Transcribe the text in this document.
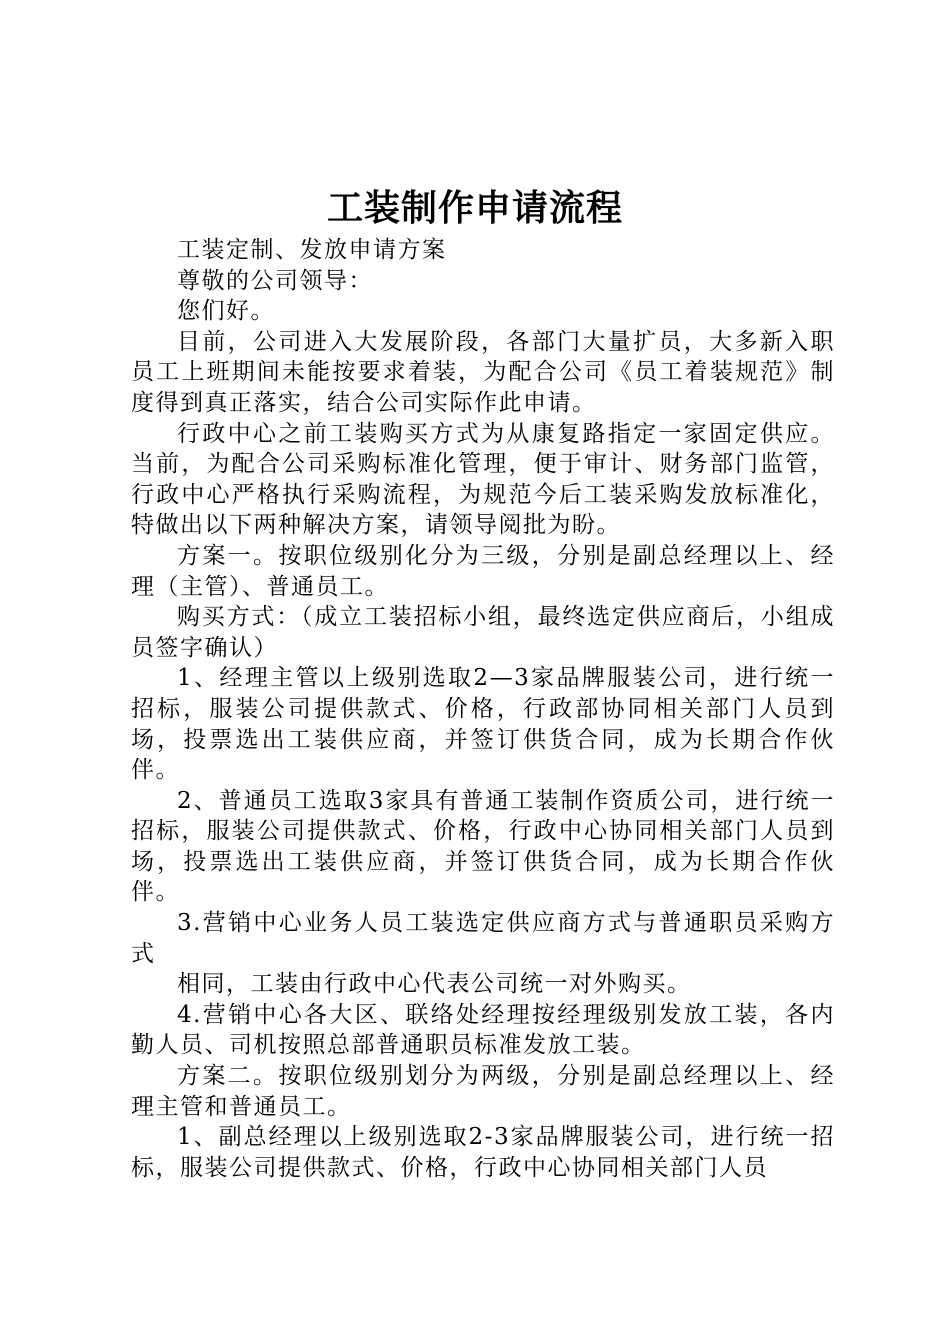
工装制作申请流程

工装定制、发放申请方案

尊敬的公司领导：

您们好。

目前，公司进入大发展阶段，各部门大量扩员，大多新入职员工上班期间未能按要求着装，为配合公司《员工着装规范》制度得到真正落实，结合公司实际作此申请。

行政中心之前工装购买方式为从康复路指定一家固定供应。当前，为配合公司采购标准化管理，便于审计、财务部门监管，行政中心严格执行采购流程，为规范今后工装采购发放标准化，特做出以下两种解决方案，请领导阅批为盼。

方案一。按职位级别化分为三级，分别是副总经理以上、经理（主管）、普通员工。

购买方式：（成立工装招标小组，最终选定供应商后，小组成员签字确认）

1、经理主管以上级别选取2—3家品牌服装公司，进行统一招标，服装公司提供款式、价格，行政部协同相关部门人员到场，投票选出工装供应商，并签订供货合同，成为长期合作伙伴。

2、普通员工选取3家具有普通工装制作资质公司，进行统一招标，服装公司提供款式、价格，行政中心协同相关部门人员到场，投票选出工装供应商，并签订供货合同，成为长期合作伙伴。

3.营销中心业务人员工装选定供应商方式与普通职员采购方式

相同，工装由行政中心代表公司统一对外购买。

4.营销中心各大区、联络处经理按经理级别发放工装，各内勤人员、司机按照总部普通职员标准发放工装。

方案二。按职位级别划分为两级，分别是副总经理以上、经理主管和普通员工。

1、副总经理以上级别选取2-3家品牌服装公司，进行统一招标，服装公司提供款式、价格，行政中心协同相关部门人员
